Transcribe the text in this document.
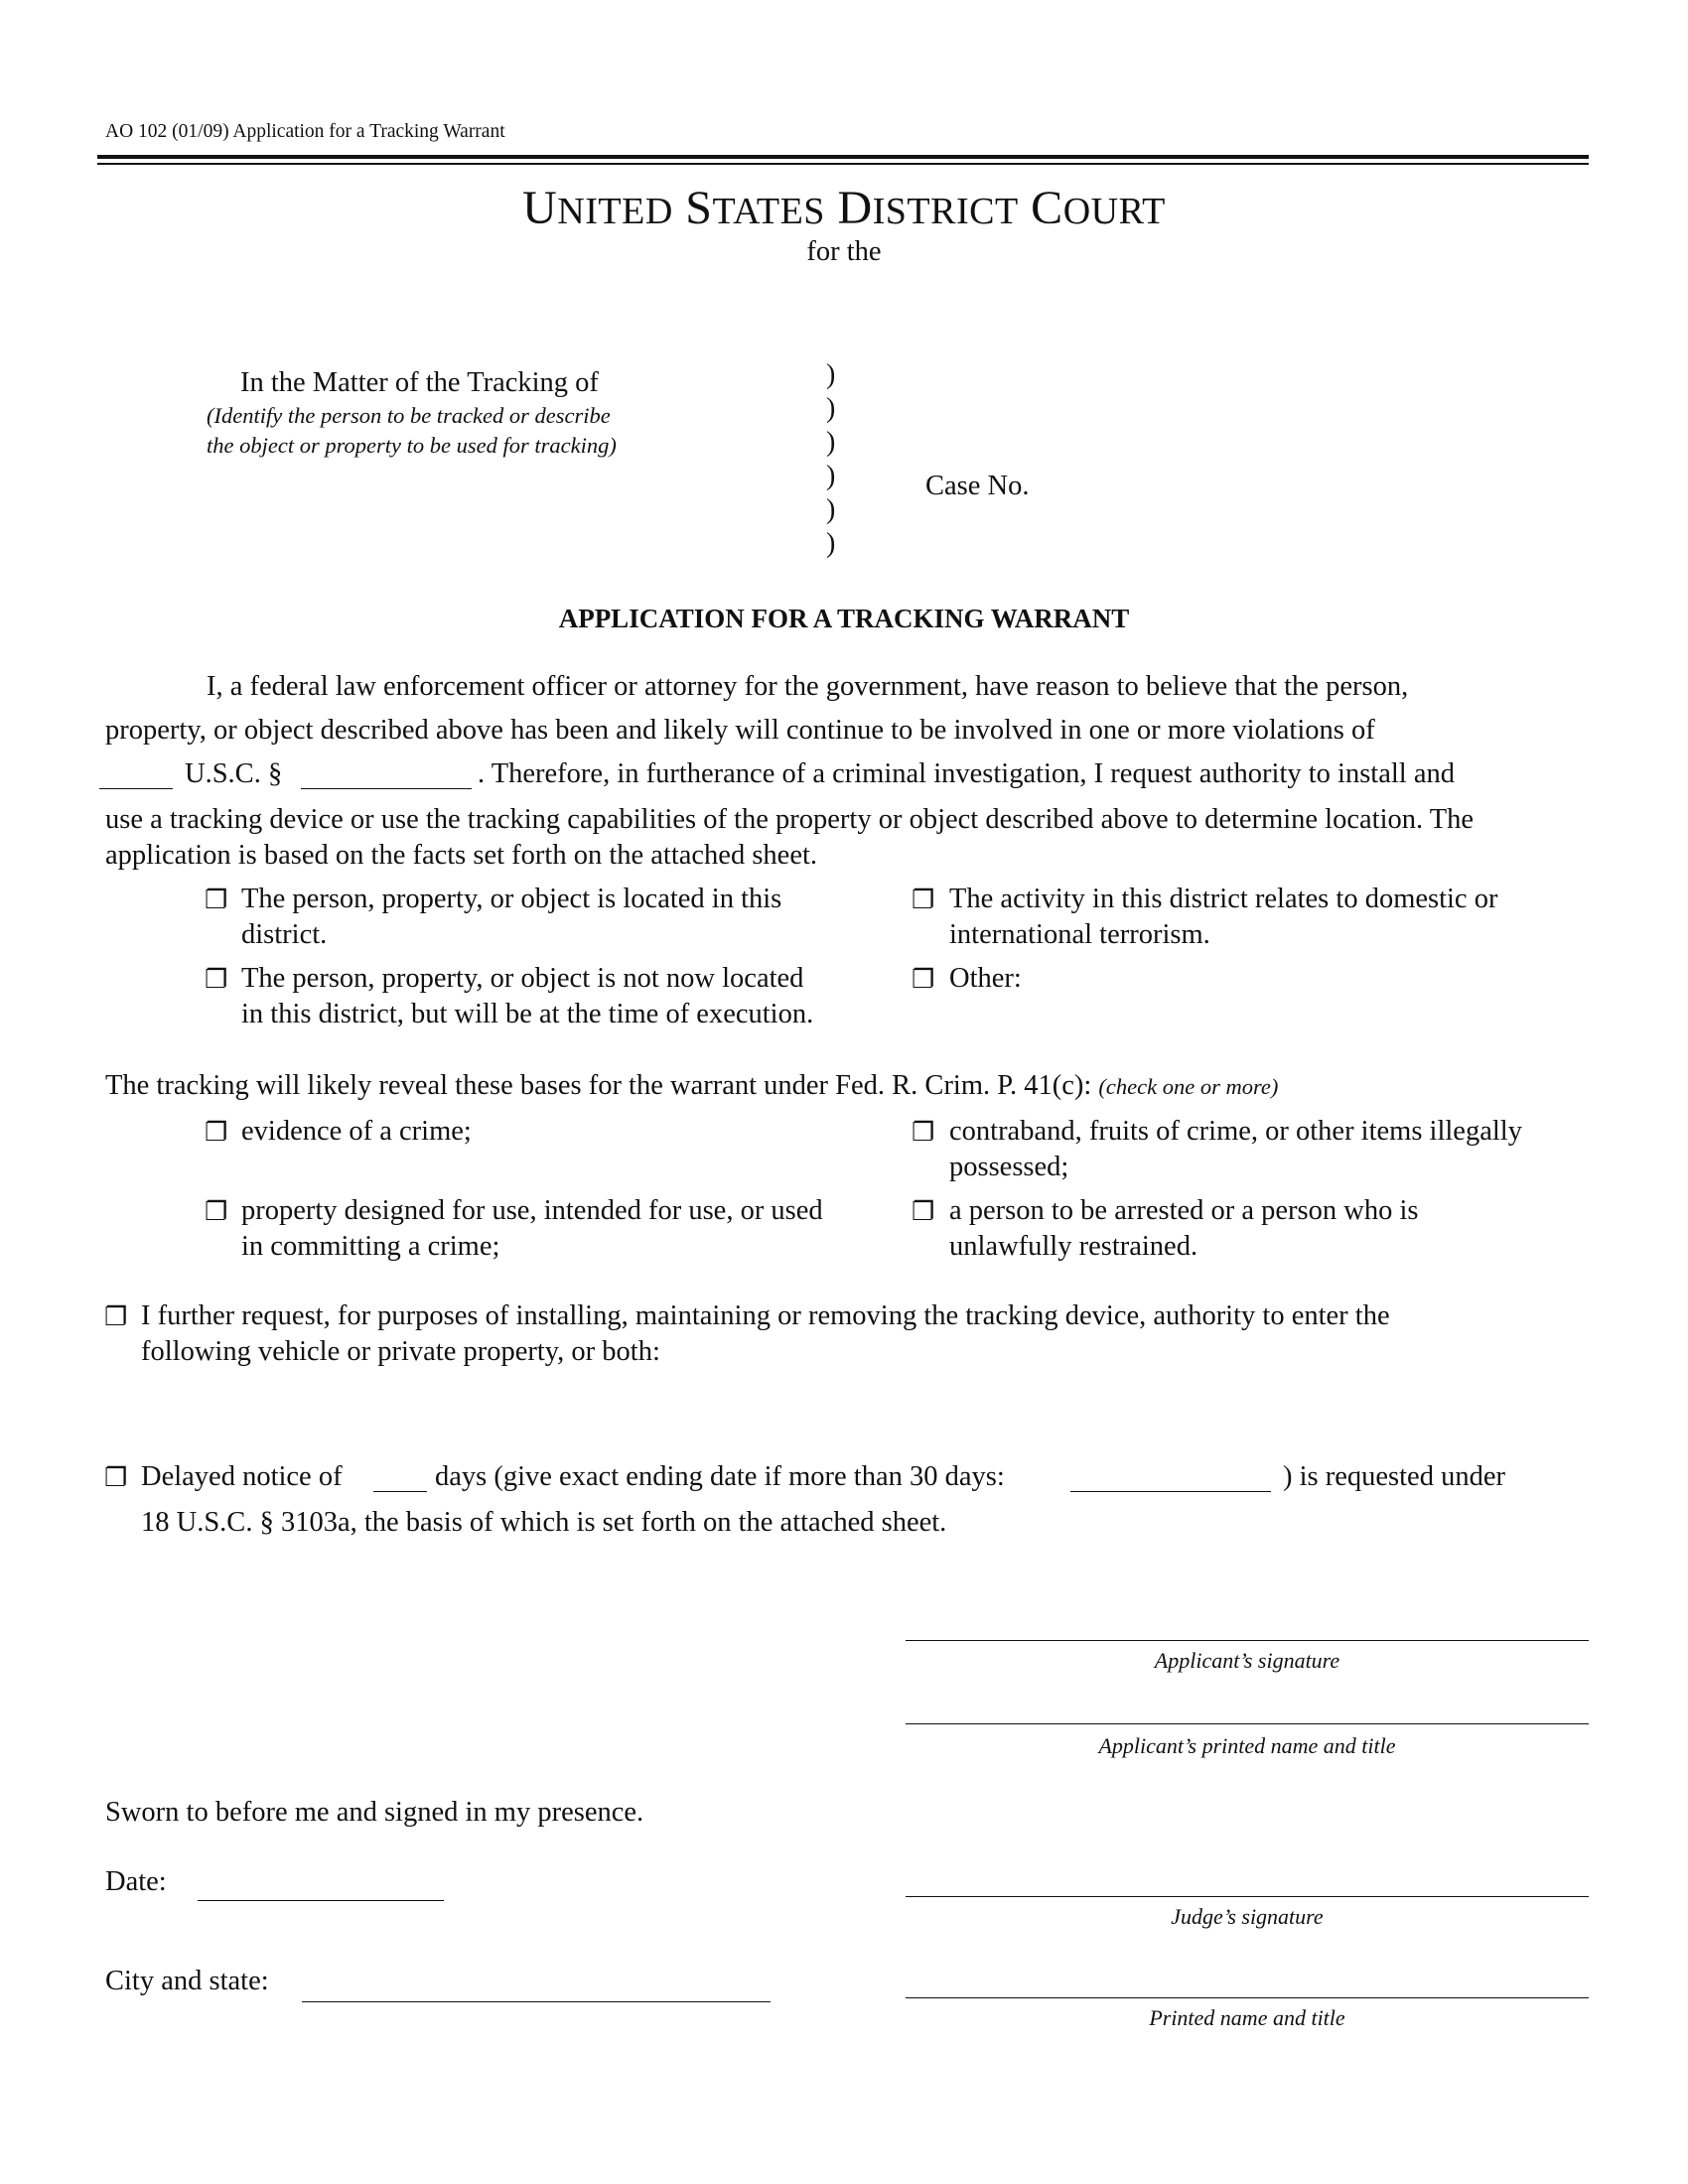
AO 102 (01/09) Application for a Tracking Warrant
UNITED STATES DISTRICT COURT
for the
In the Matter of the Tracking of
(Identify the person to be tracked or describe
the object or property to be used for tracking)
)
)
)
)
)
)
Case No.
APPLICATION FOR A TRACKING WARRANT
I, a federal law enforcement officer or attorney for the government, have reason to believe that the person,
property, or object described above has been and likely will continue to be involved in one or more violations of
U.S.C. §	. Therefore, in furtherance of a criminal investigation, I request authority to install and
use a tracking device or use the tracking capabilities of the property or object described above to determine location. The
application is based on the facts set forth on the attached sheet.
❐ The person, property, or object is located in this
district.
❐ The activity in this district relates to domestic or
international terrorism.
❐ The person, property, or object is not now located
in this district, but will be at the time of execution.
❐ Other:
The tracking will likely reveal these bases for the warrant under Fed. R. Crim. P. 41(c): (check one or more)
❐ evidence of a crime;	❐ contraband, fruits of crime, or other items illegally
possessed;
❐ property designed for use, intended for use, or used
in committing a crime;
❐ a person to be arrested or a person who is
unlawfully restrained.
❐ I further request, for purposes of installing, maintaining or removing the tracking device, authority to enter the
following vehicle or private property, or both:
❐ Delayed notice of	days (give exact ending date if more than 30 days:	) is requested under
18 U.S.C. § 3103a, the basis of which is set forth on the attached sheet.
Applicant’s signature
Applicant’s printed name and title
Sworn to before me and signed in my presence.
Date:
Judge’s signature
City and state:
Printed name and title
